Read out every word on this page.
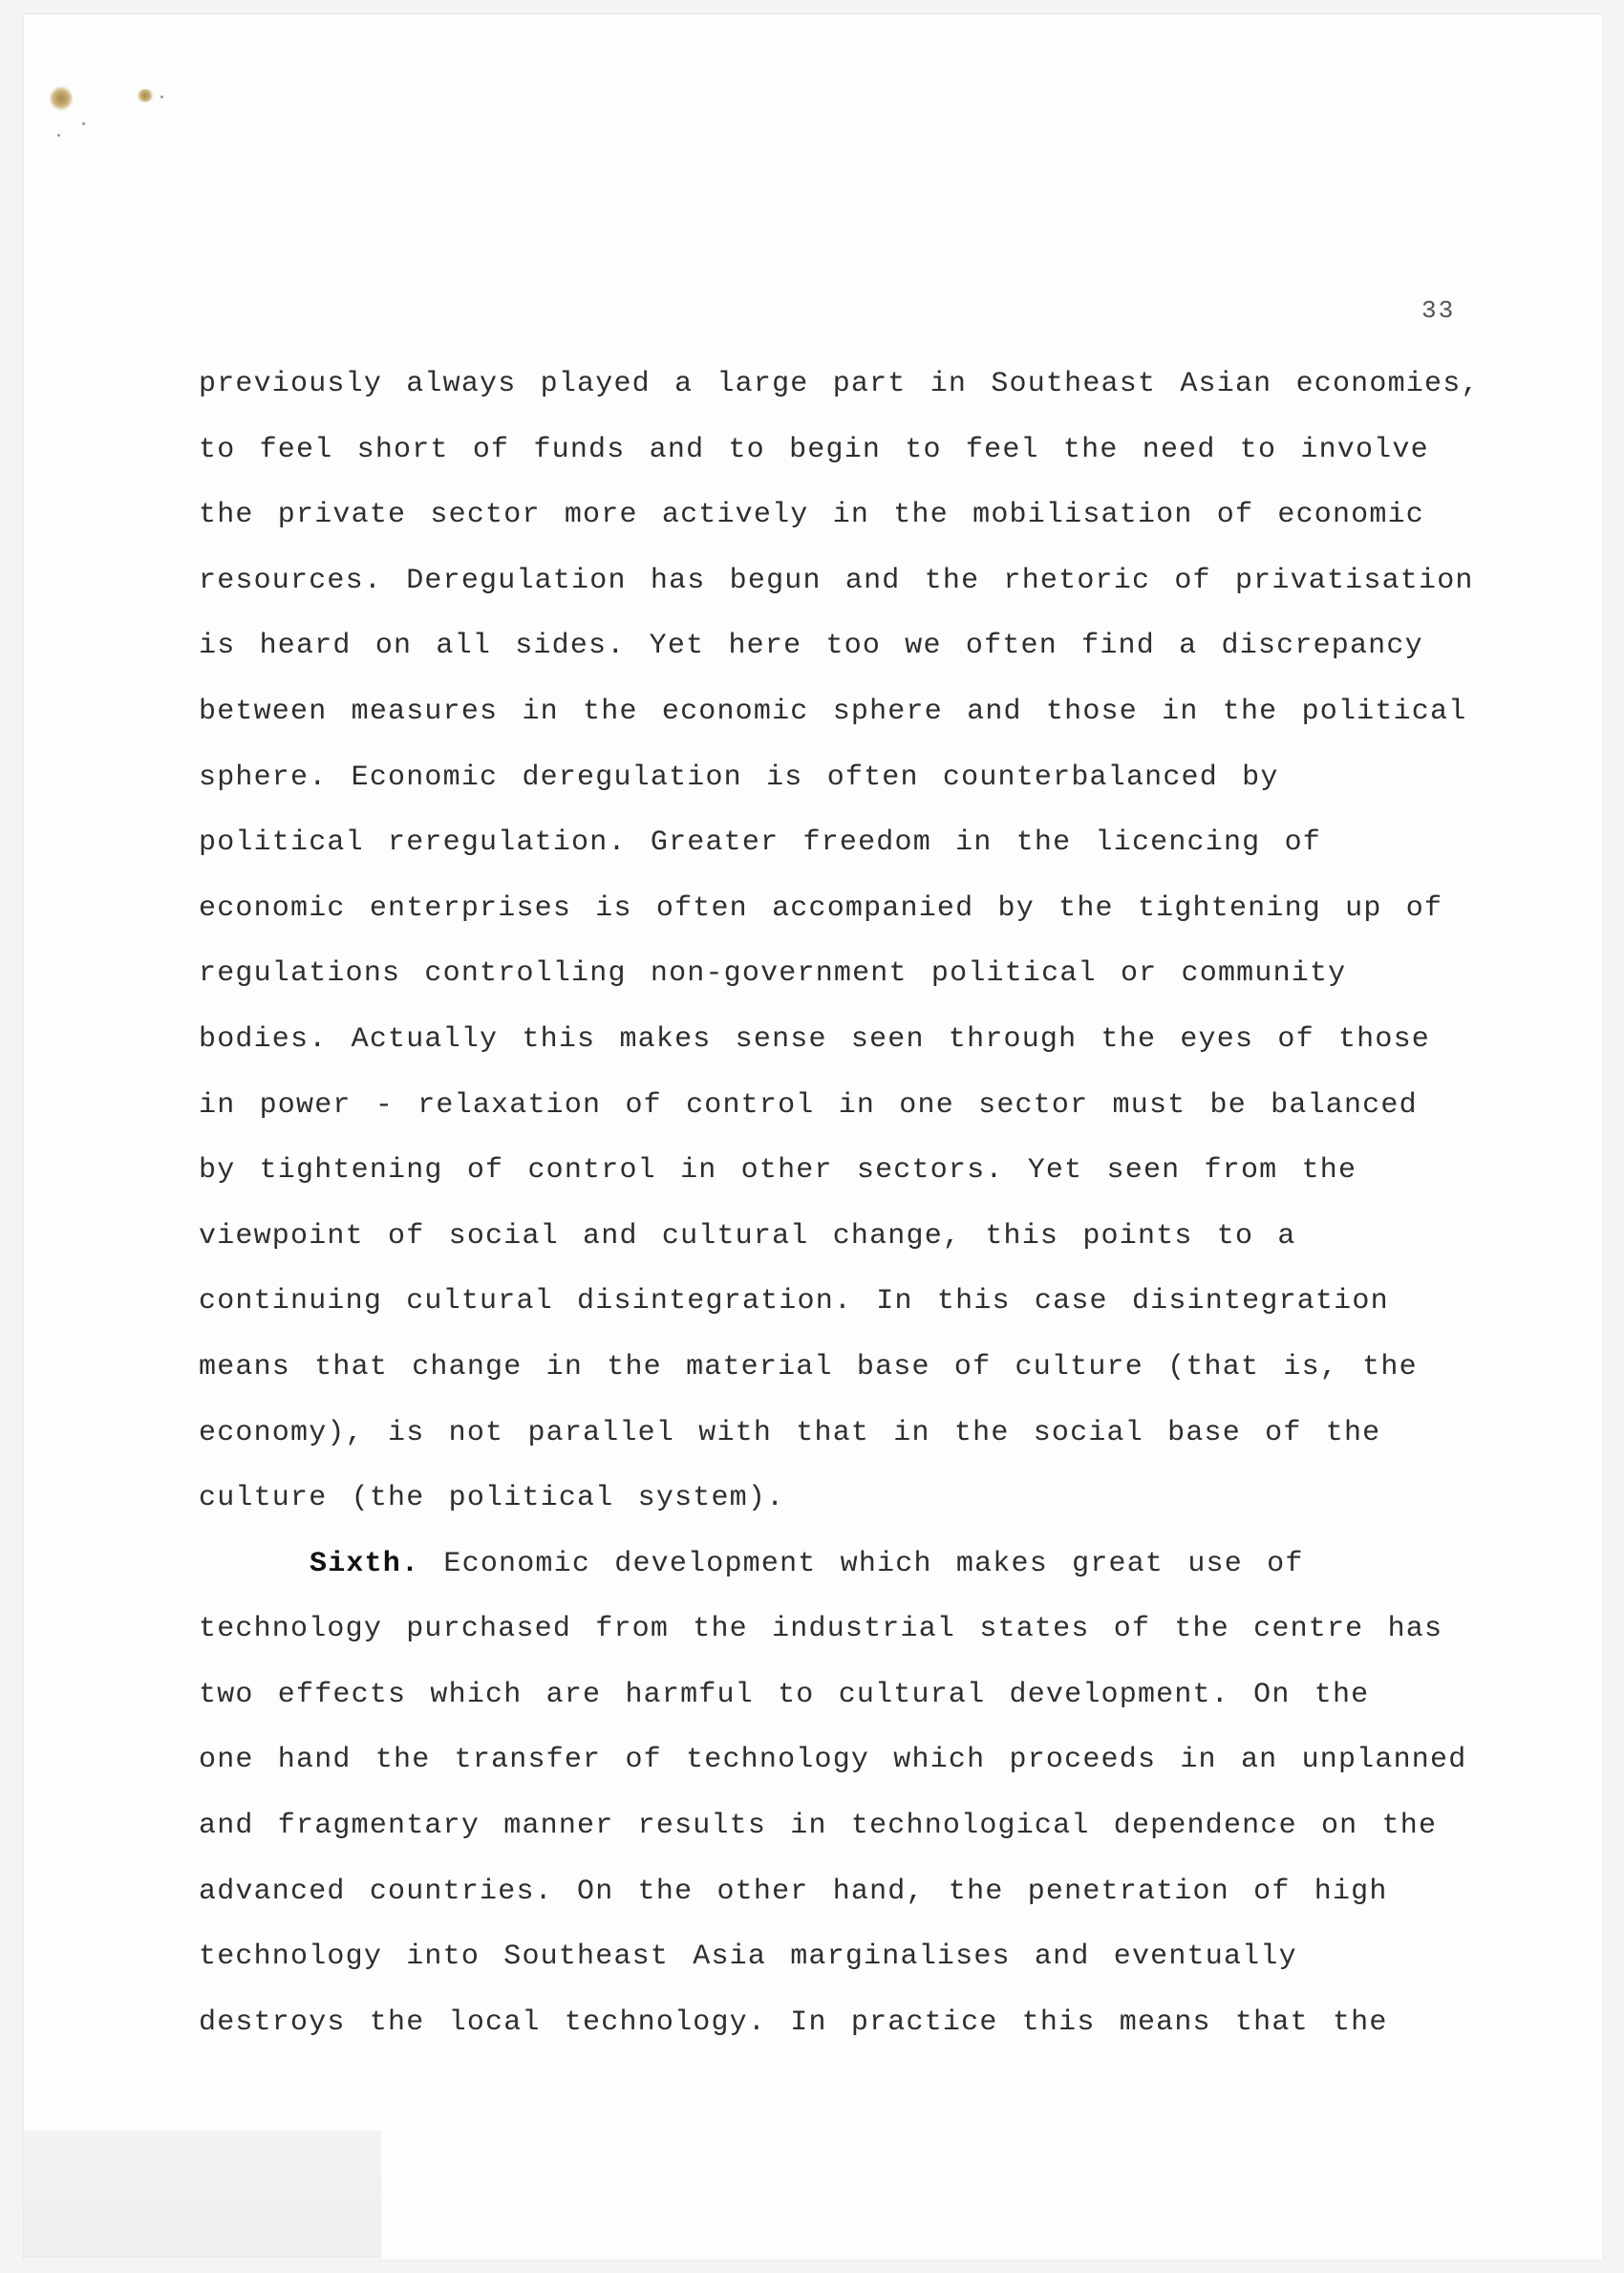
33
previously always played a large part in Southeast Asian economies,
to feel short of funds and to begin to feel the need to involve
the private sector more actively in the mobilisation of economic
resources. Deregulation has begun and the rhetoric of privatisation
is heard on all sides. Yet here too we often find a discrepancy
between measures in the economic sphere and those in the political
sphere. Economic deregulation is often counterbalanced by
political reregulation. Greater freedom in the licencing of
economic enterprises is often accompanied by the tightening up of
regulations controlling non-government political or community
bodies. Actually this makes sense seen through the eyes of those
in power - relaxation of control in one sector must be balanced
by tightening of control in other sectors. Yet seen from the
viewpoint of social and cultural change, this points to a
continuing cultural disintegration. In this case disintegration
means that change in the material base of culture (that is, the
economy), is not parallel with that in the social base of the
culture (the political system).
Sixth. Economic development which makes great use of
technology purchased from the industrial states of the centre has
two effects which are harmful to cultural development. On the
one hand the transfer of technology which proceeds in an unplanned
and fragmentary manner results in technological dependence on the
advanced countries. On the other hand, the penetration of high
technology into Southeast Asia marginalises and eventually
destroys the local technology. In practice this means that the
